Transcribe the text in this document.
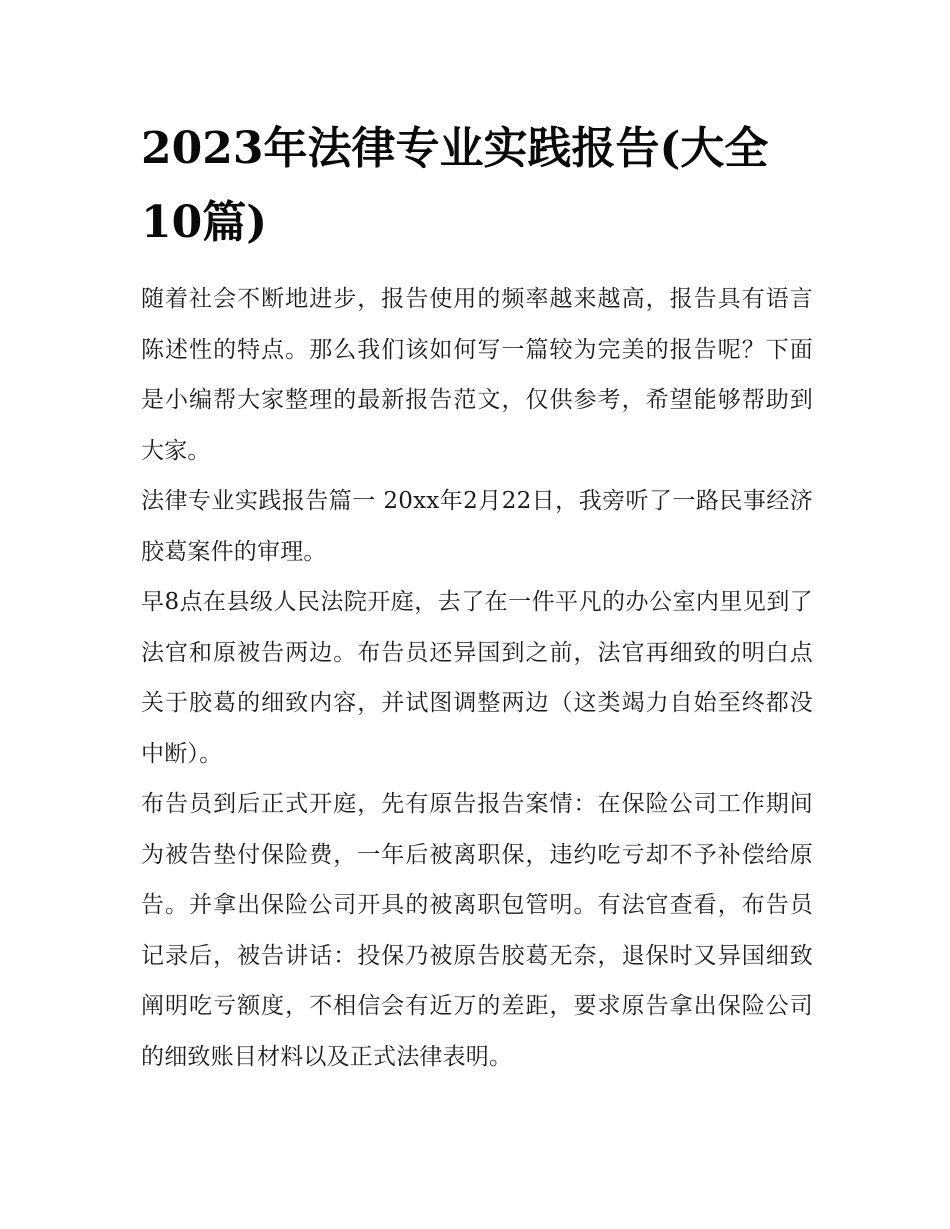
2023年法律专业实践报告(大全10篇)

随着社会不断地进步，报告使用的频率越来越高，报告具有语言陈述性的特点。那么我们该如何写一篇较为完美的报告呢？下面是小编帮大家整理的最新报告范文，仅供参考，希望能够帮助到大家。

法律专业实践报告篇一 20xx年2月22日，我旁听了一路民事经济胶葛案件的审理。

早8点在县级人民法院开庭，去了在一件平凡的办公室内里见到了法官和原被告两边。布告员还异国到之前，法官再细致的明白点关于胶葛的细致内容，并试图调整两边（这类竭力自始至终都没中断）。

布告员到后正式开庭，先有原告报告案情：在保险公司工作期间为被告垫付保险费，一年后被离职保，违约吃亏却不予补偿给原告。并拿出保险公司开具的被离职包管明。有法官查看，布告员记录后，被告讲话：投保乃被原告胶葛无奈，退保时又异国细致阐明吃亏额度，不相信会有近万的差距，要求原告拿出保险公司的细致账目材料以及正式法律表明。
